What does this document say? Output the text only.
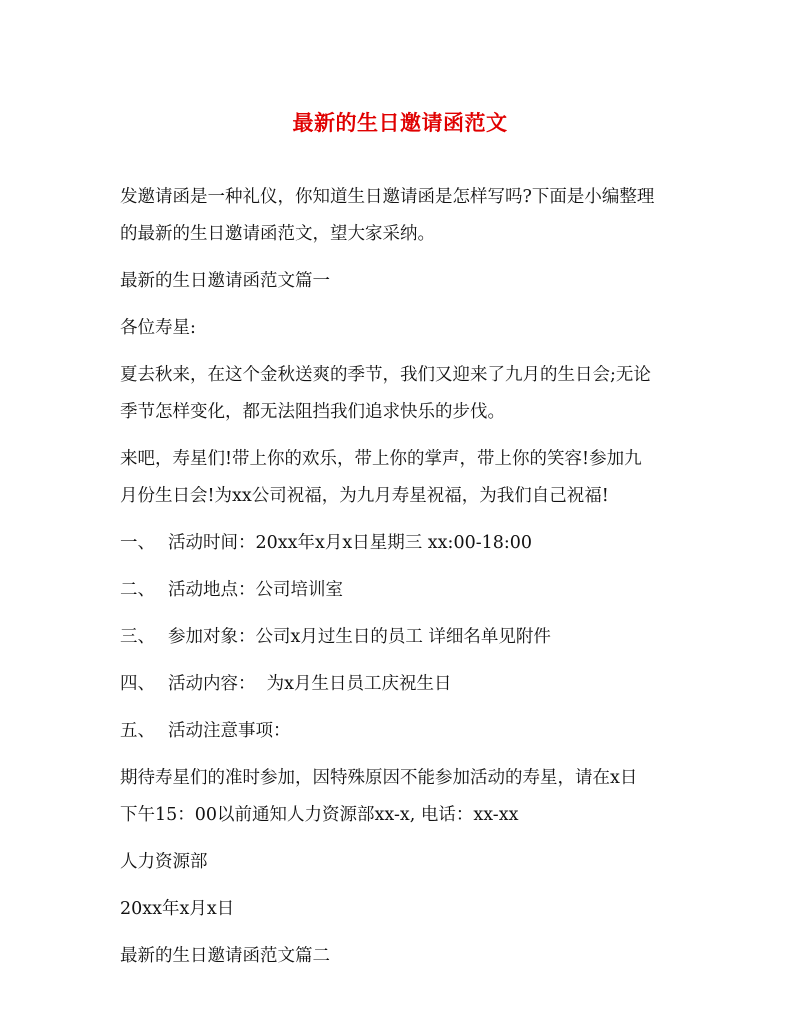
最新的生日邀请函范文
发邀请函是一种礼仪，你知道生日邀请函是怎样写吗?下面是小编整理
的最新的生日邀请函范文，望大家采纳。
最新的生日邀请函范文篇一
各位寿星:
夏去秋来，在这个金秋送爽的季节，我们又迎来了九月的生日会;无论
季节怎样变化，都无法阻挡我们追求快乐的步伐。
来吧，寿星们!带上你的欢乐，带上你的掌声，带上你的笑容!参加九
月份生日会!为xx公司祝福，为九月寿星祝福，为我们自己祝福!
一、 活动时间：20xx年x月x日星期三 xx:00-18:00
二、 活动地点：公司培训室
三、 参加对象：公司x月过生日的员工 详细名单见附件
四、 活动内容：  为x月生日员工庆祝生日
五、 活动注意事项：
期待寿星们的准时参加，因特殊原因不能参加活动的寿星，请在x日
下午15：00以前通知人力资源部xx-x, 电话：xx-xx
人力资源部
20xx年x月x日
最新的生日邀请函范文篇二
